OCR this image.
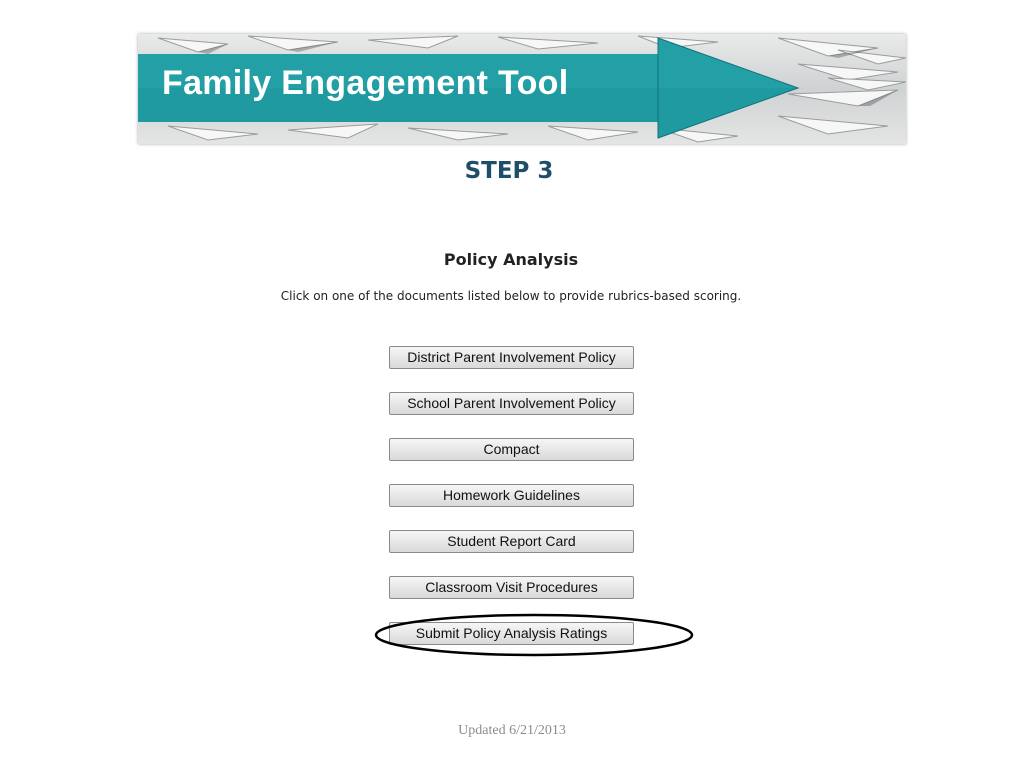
Family Engagement Tool
STEP 3
Policy Analysis
Click on one of the documents listed below to provide rubrics-based scoring.
District Parent Involvement Policy
School Parent Involvement Policy
Compact
Homework Guidelines
Student Report Card
Classroom Visit Procedures
Submit Policy Analysis Ratings
Updated 6/21/2013
